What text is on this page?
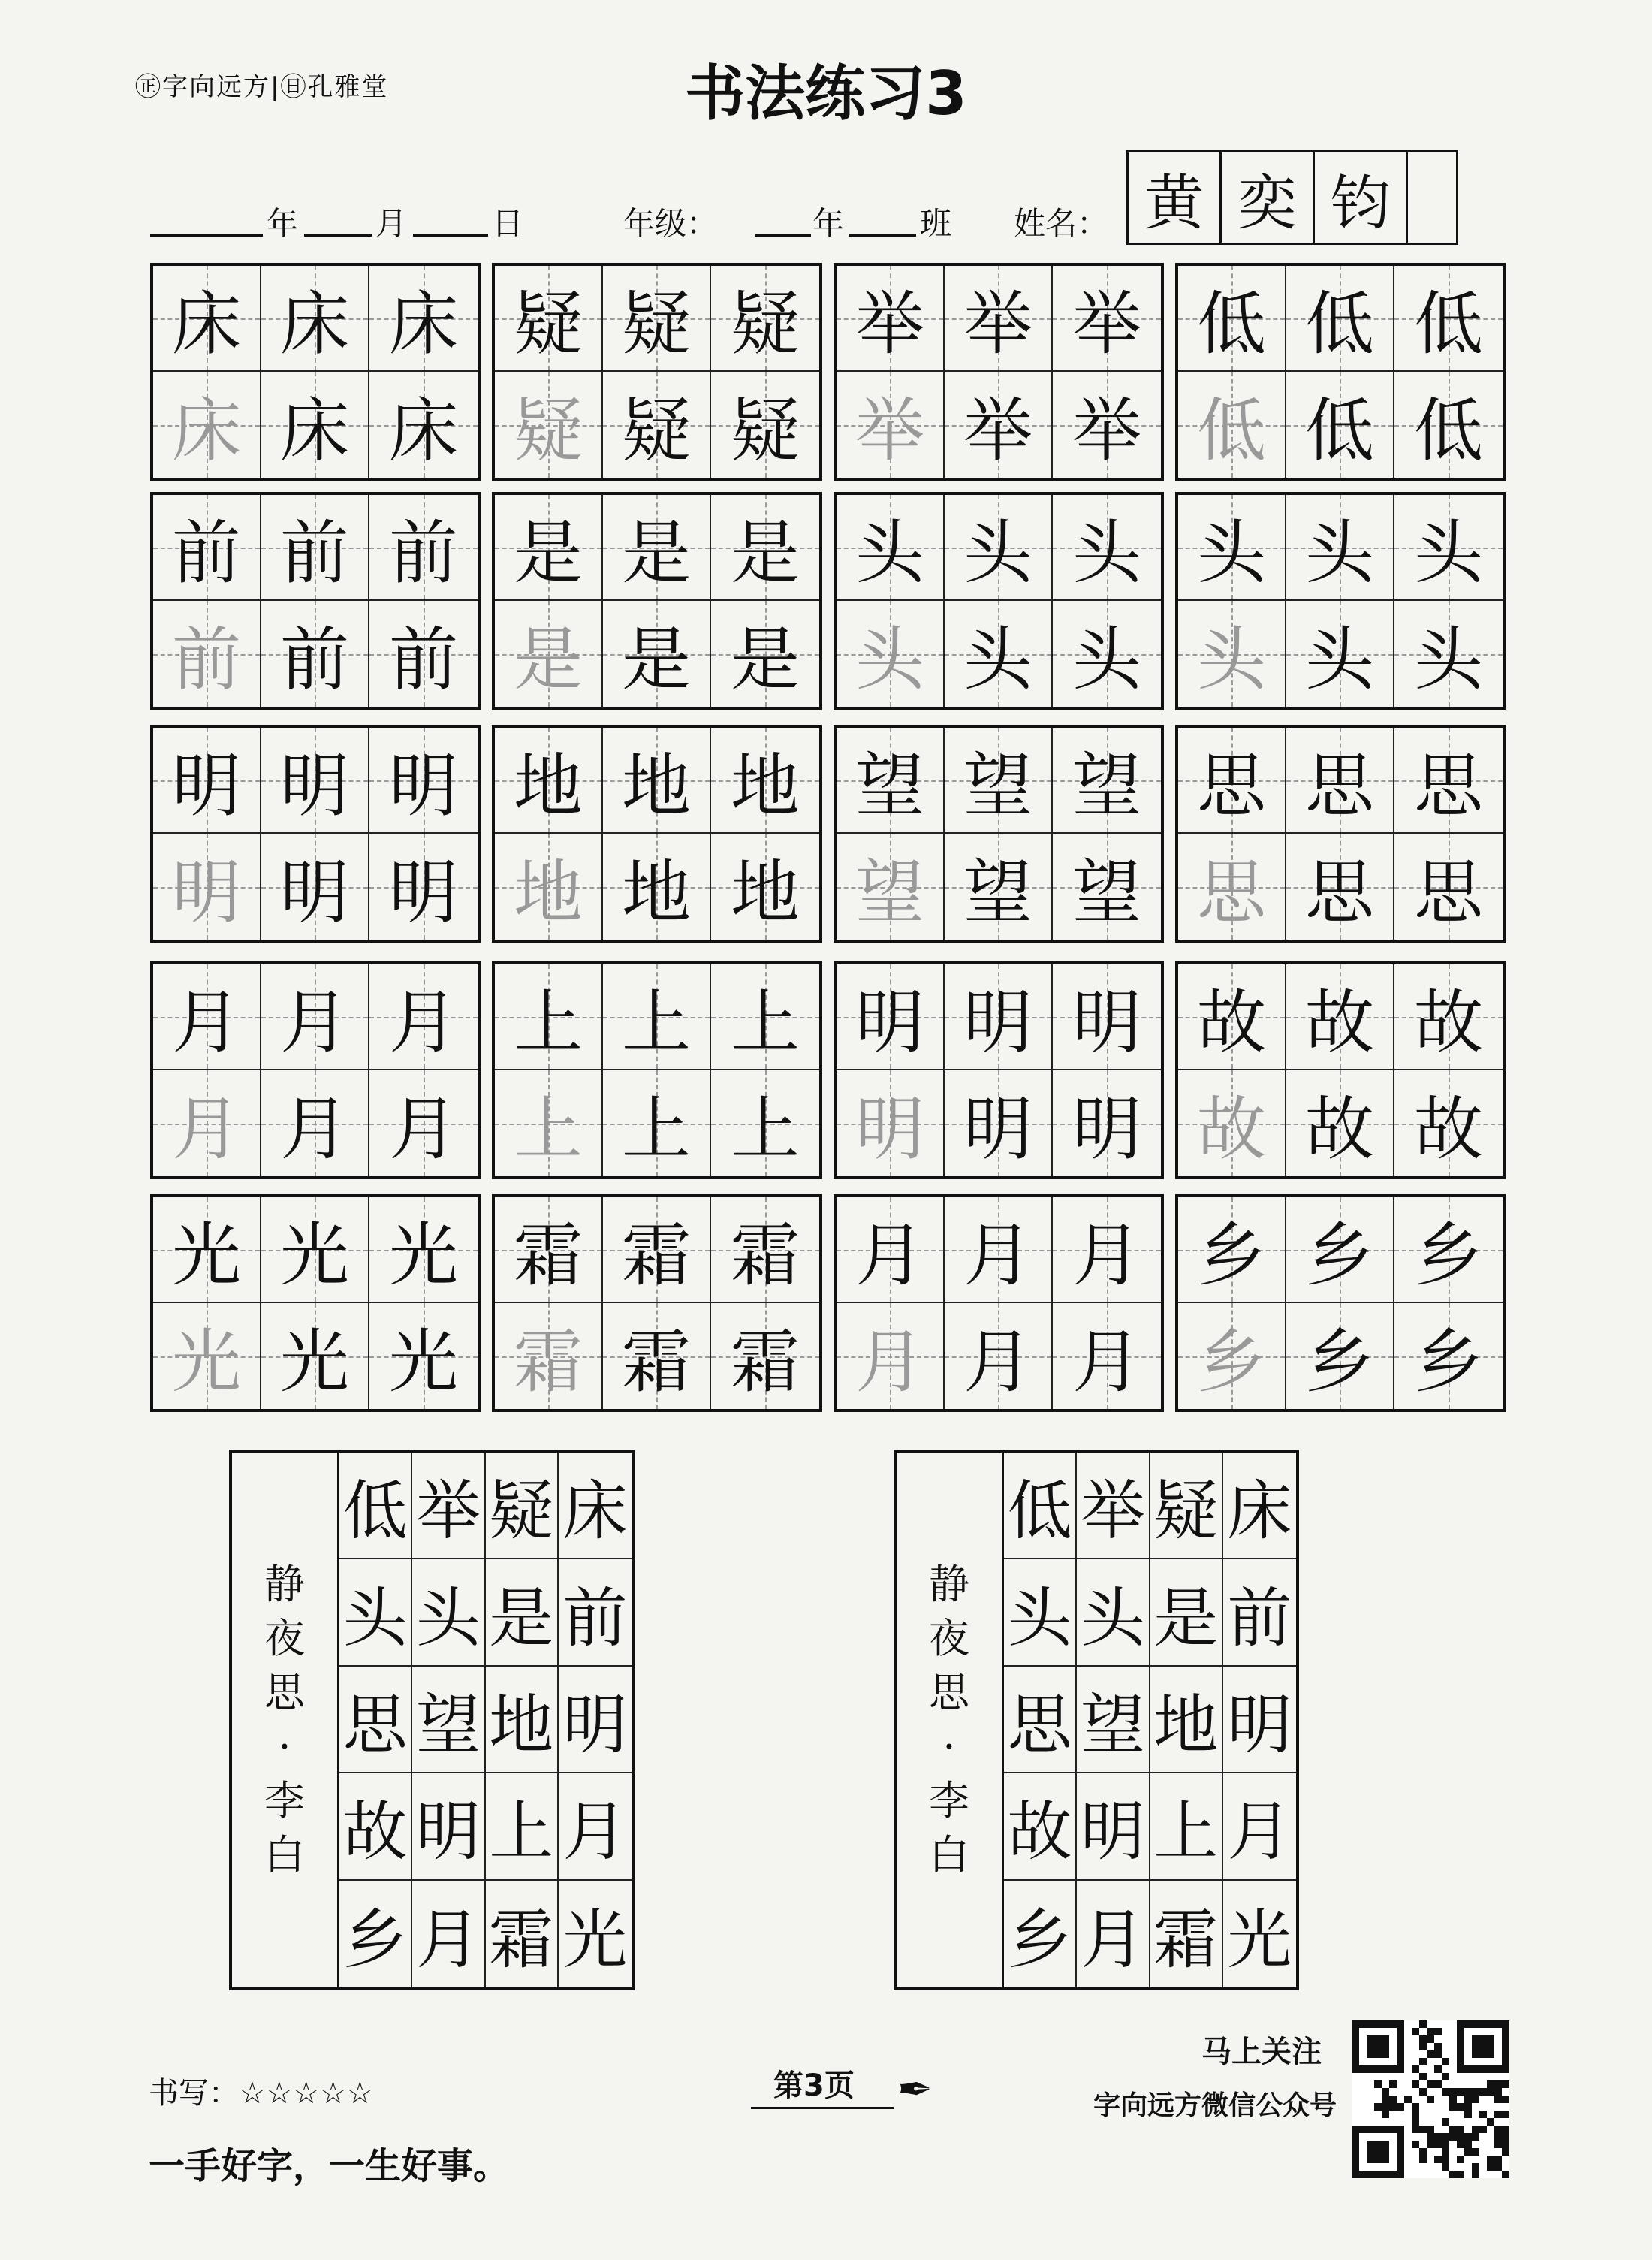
㊣字向远方|㊐孔雅堂	书法练习3
年 月	日	年级：	年 班 姓名： 黄 奕 钧
床 床 床
床 床 床
疑 疑 疑
疑 疑 疑
举 举 举
举 举 举
低 低 低
低 低 低
前 前 前
前 前 前
是 是 是
是 是 是
头 头 头
头 头 头
头 头 头
头 头 头
明 明 明
明 明 明
地 地 地
地 地 地
望 望 望
望 望 望
思 思 思
思 思 思
月 月 月
月 月 月
上 上 上
上 上 上
明 明 明
明 明 明
故 故 故
故 故 故
光 光 光
光 光 光
霜 霜 霜
霜 霜 霜
月 月 月
月 月 月
乡 乡 乡
乡 乡 乡
静
夜
思
·
李
白
低 举 疑 床
头 头 是 前
思 望 地 明
故 明 上 月
乡 月 霜 光
静
夜
思
·
李
白
低 举 疑 床
头 头 是 前
思 望 地 明
故 明 上 月
乡 月 霜 光
书写：☆☆☆☆☆
一手好字，一生好事。
第3页 ✒
马上关注
字向远方微信公众号
